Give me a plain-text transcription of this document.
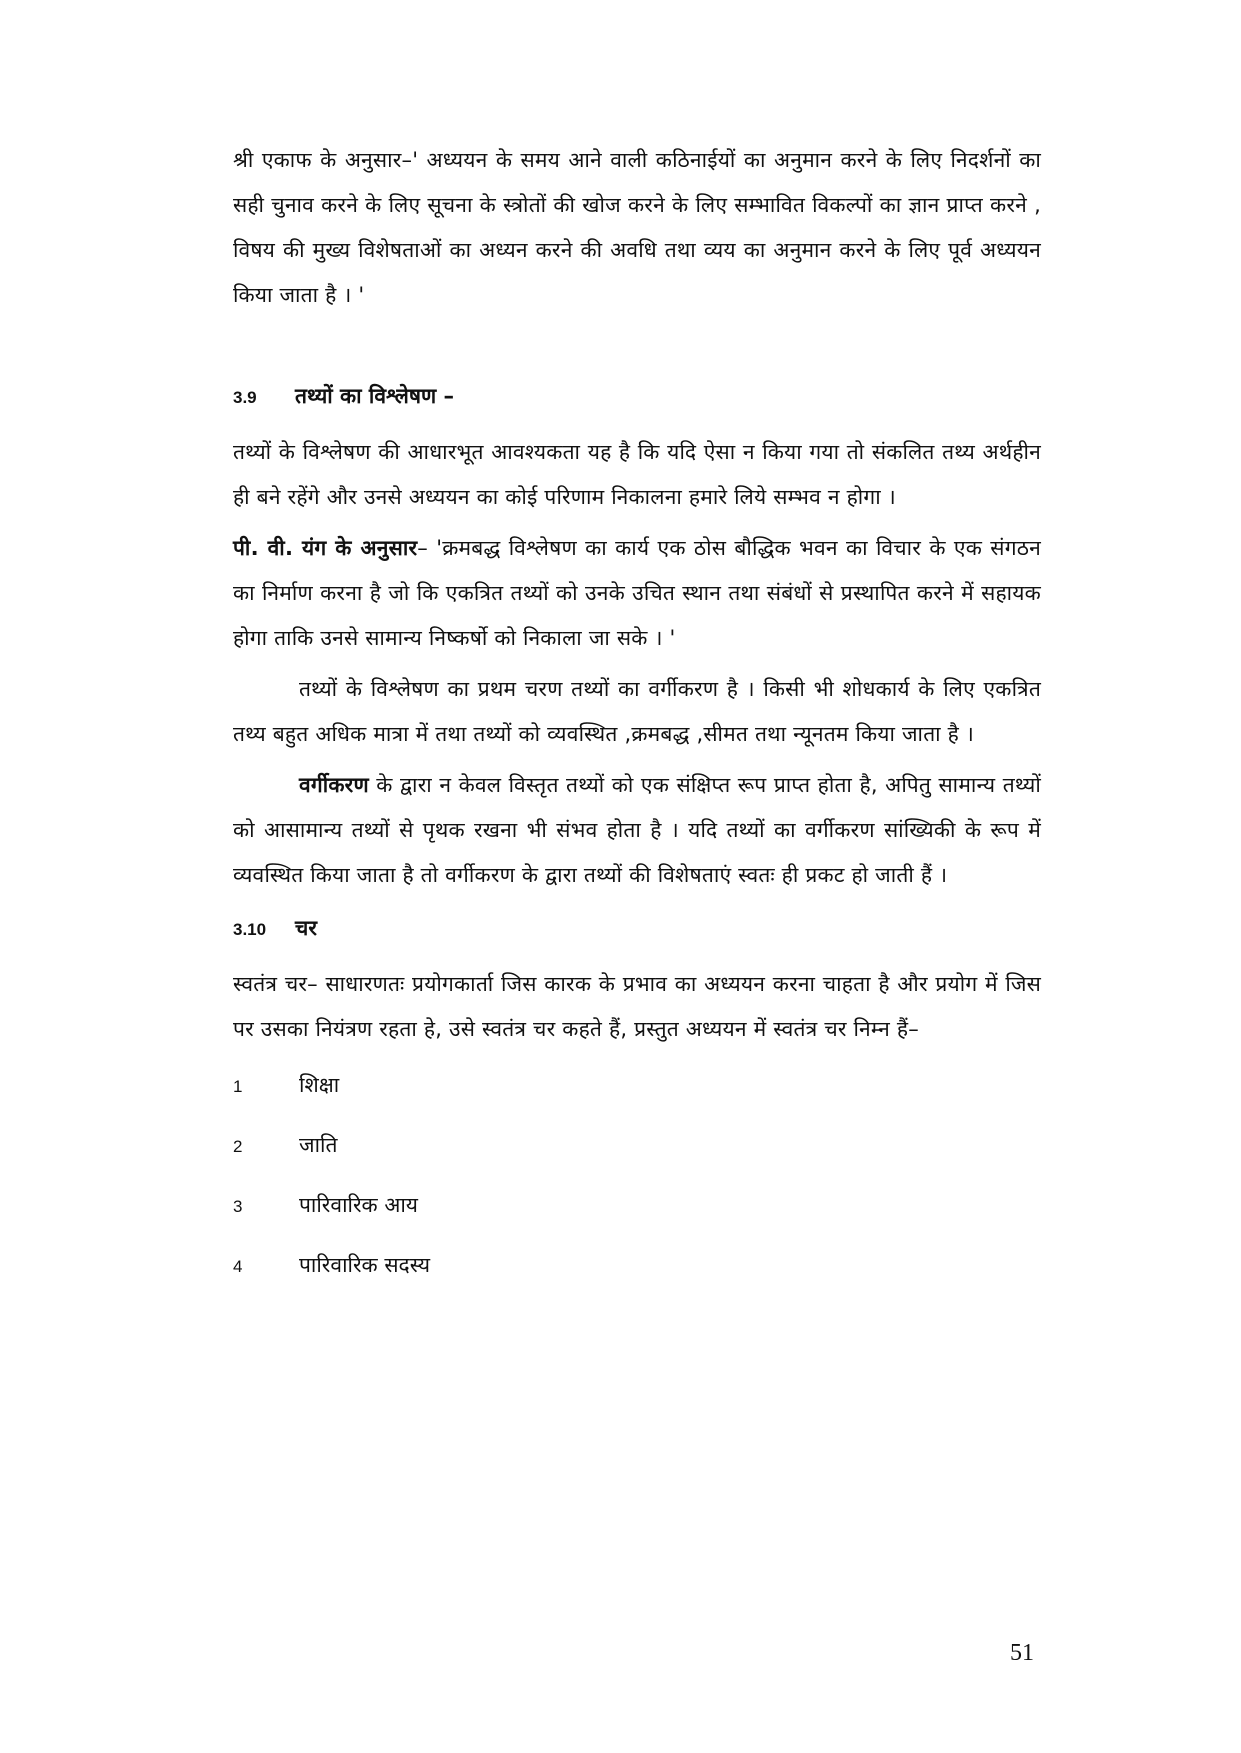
श्री एकाफ के अनुसार–' अध्ययन के समय आने वाली कठिनाईयों का अनुमान करने के लिए निदर्शनों का सही चुनाव करने के लिए सूचना के स्त्रोतों की खोज करने के लिए सम्भावित विकल्पों का ज्ञान प्राप्त करने , विषय की मुख्य विशेषताओं का अध्यन करने की अवधि तथा व्यय का अनुमान करने के लिए पूर्व अध्ययन किया जाता है । '

3.9	तथ्यों का विश्लेषण –

तथ्यों के विश्लेषण की आधारभूत आवश्यकता यह है कि यदि ऐसा न किया गया तो संकलित तथ्य अर्थहीन ही बने रहेंगे और उनसे अध्ययन का कोई परिणाम निकालना हमारे लिये सम्भव न होगा ।

पी. वी. यंग के अनुसार– 'क्रमबद्ध विश्लेषण का कार्य एक ठोस बौद्धिक भवन का विचार के एक संगठन का निर्माण करना है जो कि एकत्रित तथ्यों को उनके उचित स्थान तथा संबंधों से प्रस्थापित करने में सहायक होगा ताकि उनसे सामान्य निष्कर्षो को निकाला जा सके । '

तथ्यों के विश्लेषण का प्रथम चरण तथ्यों का वर्गीकरण है । किसी भी शोधकार्य के लिए एकत्रित तथ्य बहुत अधिक मात्रा में तथा तथ्यों को व्यवस्थित ,क्रमबद्ध ,सीमत तथा न्यूनतम किया जाता है ।

वर्गीकरण के द्वारा न केवल विस्तृत तथ्यों को एक संक्षिप्त रूप प्राप्त होता है, अपितु सामान्य तथ्यों को आसामान्य तथ्यों से पृथक रखना भी संभव होता है । यदि तथ्यों का वर्गीकरण सांख्यिकी के रूप में व्यवस्थित किया जाता है तो वर्गीकरण के द्वारा तथ्यों की विशेषताएं स्वतः ही प्रकट हो जाती हैं ।

3.10	चर

स्वतंत्र चर– साधारणतः प्रयोगकार्ता जिस कारक के प्रभाव का अध्ययन करना चाहता है और प्रयोग में जिस पर उसका नियंत्रण रहता हे, उसे स्वतंत्र चर कहते हैं, प्रस्तुत अध्ययन में स्वतंत्र चर निम्न हैं–

1	शिक्षा
2	जाति
3	पारिवारिक आय
4	पारिवारिक सदस्य
51
